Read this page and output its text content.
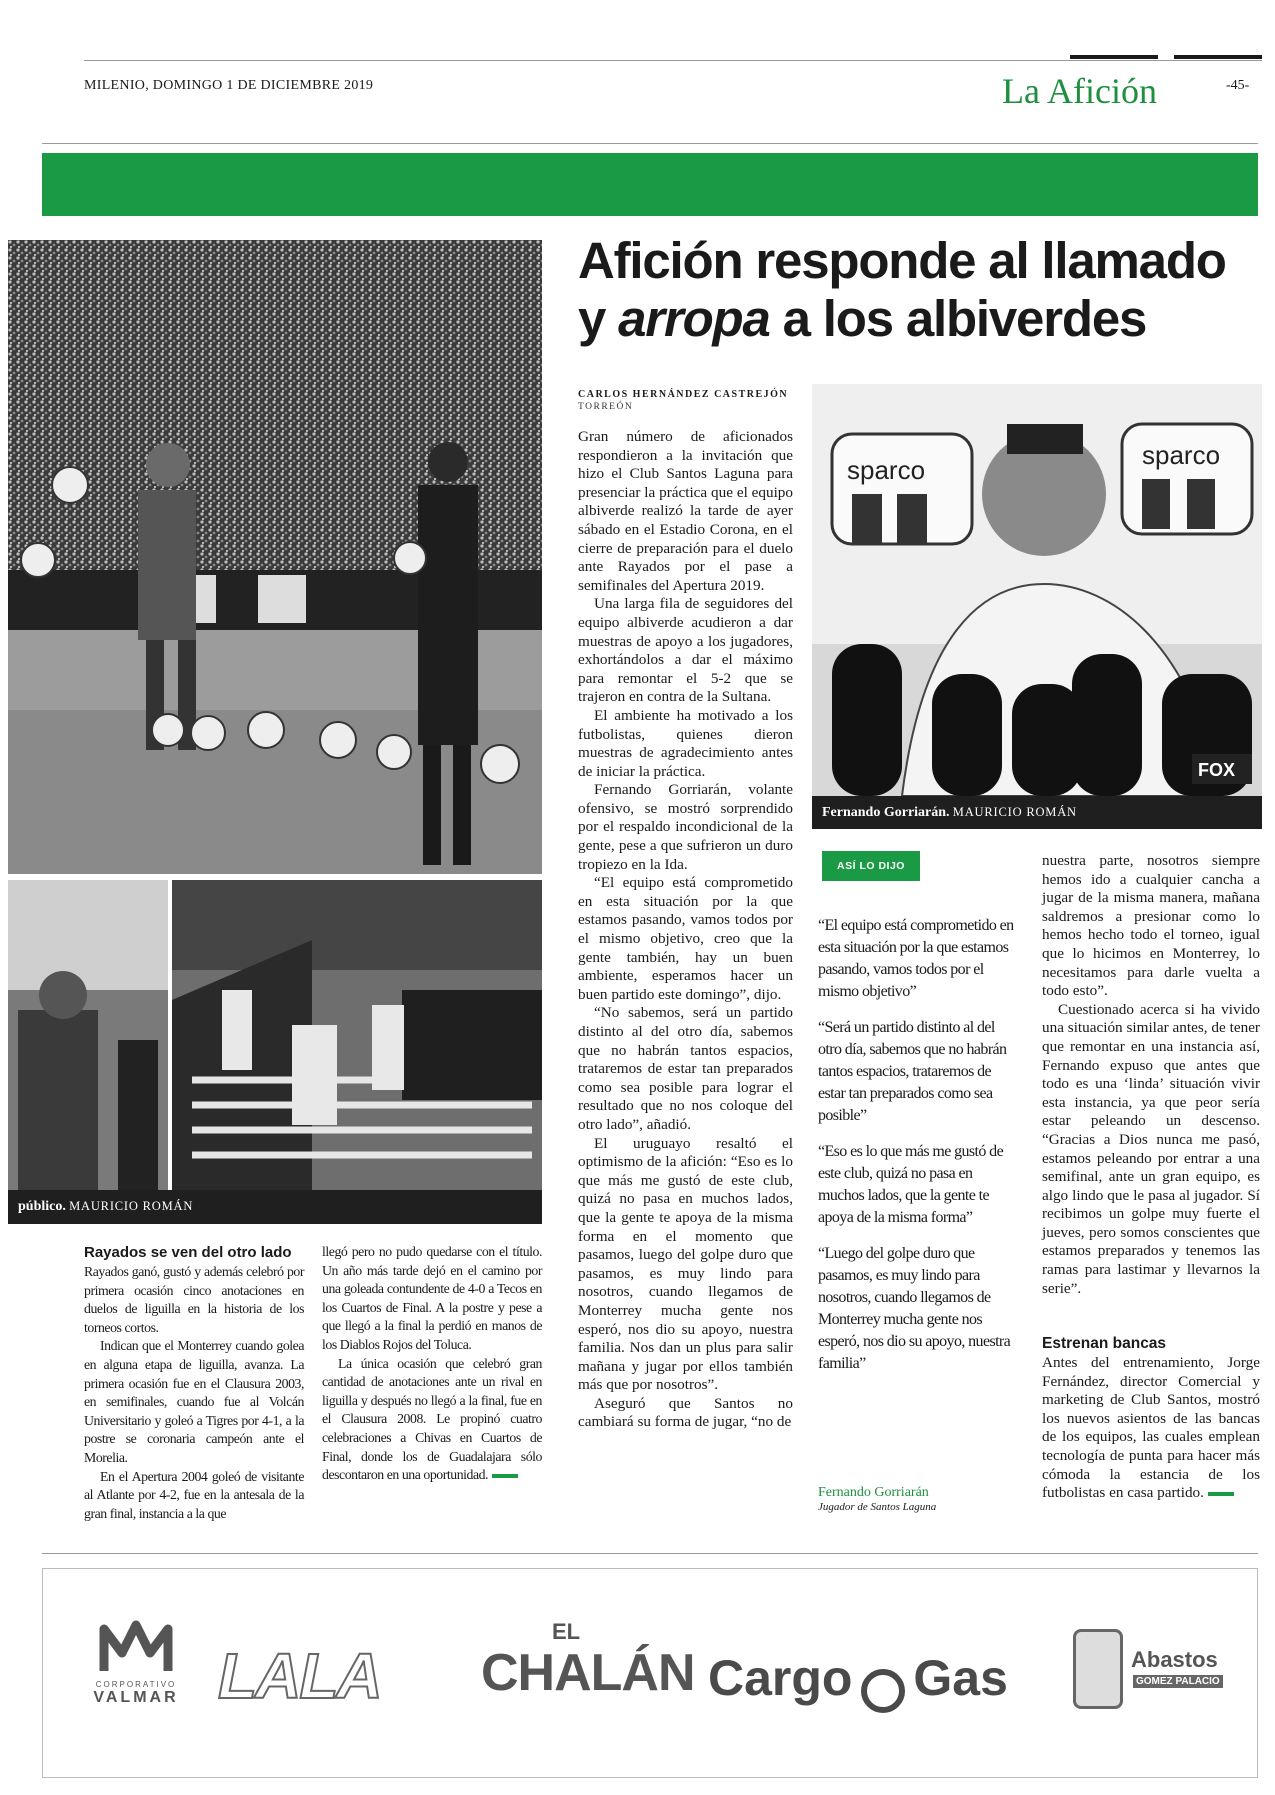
MILENIO, DOMINGO 1 DE DICIEMBRE 2019	La Afición	-45-
público. MAURICIO ROMÁN
Afición responde al llamado
y arropa a los albiverdes
CARLOS HERNÁNDEZ CASTREJÓN
TORREÓN
sparco	sparco
FOX
Fernando Gorriarán. MAURICIO ROMÁN

Gran número de aficionados respondieron a la invitación que hizo el Club Santos Laguna para presenciar la práctica que el equipo albiverde realizó la tarde de ayer sábado en el Estadio Corona, en el cierre de preparación para el duelo ante Rayados por el pase a semifinales del Apertura 2019.

Una larga fila de seguidores del equipo albiverde acudieron a dar muestras de apoyo a los jugadores, exhortándolos a dar el máximo para remontar el 5-2 que se trajeron en contra de la Sultana.

El ambiente ha motivado a los futbolistas, quienes dieron muestras de agradecimiento antes de iniciar la práctica.

Fernando Gorriarán, volante ofensivo, se mostró sorprendido por el respaldo incondicional de la gente, pese a que sufrieron un duro tropiezo en la Ida.

“El equipo está comprometido en esta situación por la que estamos pasando, vamos todos por el mismo objetivo, creo que la gente también, hay un buen ambiente, esperamos hacer un buen partido este domingo”, dijo.

“No sabemos, será un partido distinto al del otro día, sabemos que no habrán tantos espacios, trataremos de estar tan preparados como sea posible para lograr el resultado que no nos coloque del otro lado”, añadió.

El uruguayo resaltó el optimismo de la afición: “Eso es lo que más me gustó de este club, quizá no pasa en muchos lados, que la gente te apoya de la misma forma en el momento que pasamos, luego del golpe duro que pasamos, es muy lindo para nosotros, cuando llegamos de Monterrey mucha gente nos esperó, nos dio su apoyo, nuestra familia. Nos dan un plus para salir mañana y jugar por ellos también más que por nosotros”.

Aseguró que Santos no cambiará su forma de jugar, “no de

ASÍ LO DIJO
“El equipo está comprometido en esta situación por la que estamos pasando, vamos todos por el mismo objetivo”
“Será un partido distinto al del otro día, sabemos que no habrán tantos espacios, trataremos de estar tan preparados como sea posible”
“Eso es lo que más me gustó de este club, quizá no pasa en muchos lados, que la gente te apoya de la misma forma”
“Luego del golpe duro que pasamos, es muy lindo para nosotros, cuando llegamos de Monterrey mucha gente nos esperó, nos dio su apoyo, nuestra familia”
Fernando Gorriarán
Jugador de Santos Laguna

nuestra parte, nosotros siempre hemos ido a cualquier cancha a jugar de la misma manera, mañana saldremos a presionar como lo hemos hecho todo el torneo, igual que lo hicimos en Monterrey, lo necesitamos para darle vuelta a todo esto”.

Cuestionado acerca si ha vivido una situación similar antes, de tener que remontar en una instancia así, Fernando expuso que antes que todo es una ‘linda’ situación vivir esta instancia, ya que peor sería estar peleando un descenso. “Gracias a Dios nunca me pasó, estamos peleando por entrar a una semifinal, ante un gran equipo, es algo lindo que le pasa al jugador. Sí recibimos un golpe muy fuerte el jueves, pero somos conscientes que estamos preparados y tenemos las ramas para lastimar y llevarnos la serie”.

Estrenan bancas

Antes del entrenamiento, Jorge Fernández, director Comercial y marketing de Club Santos, mostró los nuevos asientos de las bancas de los equipos, las cuales emplean tecnología de punta para hacer más cómoda la estancia de los futbolistas en casa partido.

Rayados se ven del otro lado

Rayados ganó, gustó y además celebró por primera ocasión cinco anotaciones en duelos de liguilla en la historia de los torneos cortos.

Indican que el Monterrey cuando golea en alguna etapa de liguilla, avanza. La primera ocasión fue en el Clausura 2003, en semifinales, cuando fue al Volcán Universitario y goleó a Tigres por 4-1, a la postre se coronaria campeón ante el Morelia.

En el Apertura 2004 goleó de visitante al Atlante por 4-2, fue en la antesala de la gran final, instancia a la que

llegó pero no pudo quedarse con el título. Un año más tarde dejó en el camino por una goleada contundente de 4-0 a Tecos en los Cuartos de Final. A la postre y pese a que llegó a la final la perdió en manos de los Diablos Rojos del Toluca.

La única ocasión que celebró gran cantidad de anotaciones ante un rival en liguilla y después no llegó a la final, fue en el Clausura 2008. Le propinó cuatro celebraciones a Chivas en Cuartos de Final, donde los de Guadalajara sólo descontaron en una oportunidad.

CORPORATIVO
VALMAR LALA
EL
CHALÁN Cargo Gas	Abastos
GOMEZ PALACIO
